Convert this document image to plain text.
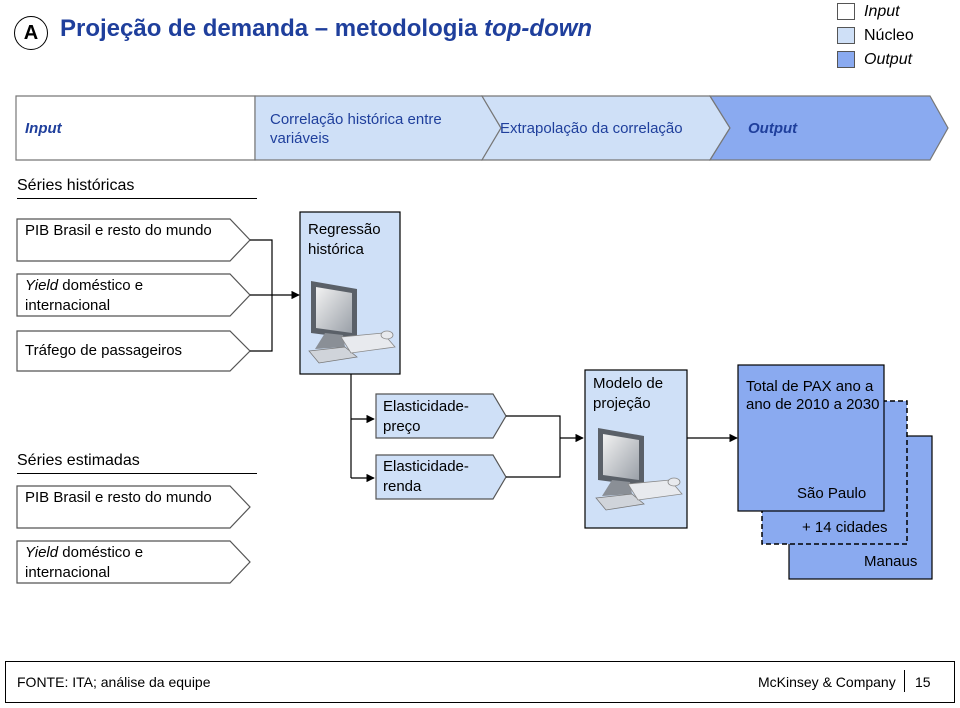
A Projeção de demanda – metodologia top-down
Input
Núcleo
Output
Input
Correlação histórica entre variáveis
Extrapolação da correlação	Output
Séries históricas
PIB Brasil e resto do mundo
Yield doméstico e internacional
Tráfego de passageiros
Regressão histórica
Séries estimadas
PIB Brasil e resto do mundo
Yield doméstico e internacional
Elasticidade-preço
Elasticidade-renda
Modelo de projeção
Total de PAX ano a ano de 2010 a 2030
São Paulo
+ 14 cidades
Manaus
FONTE: ITA; análise da equipe	McKinsey & Company 15
